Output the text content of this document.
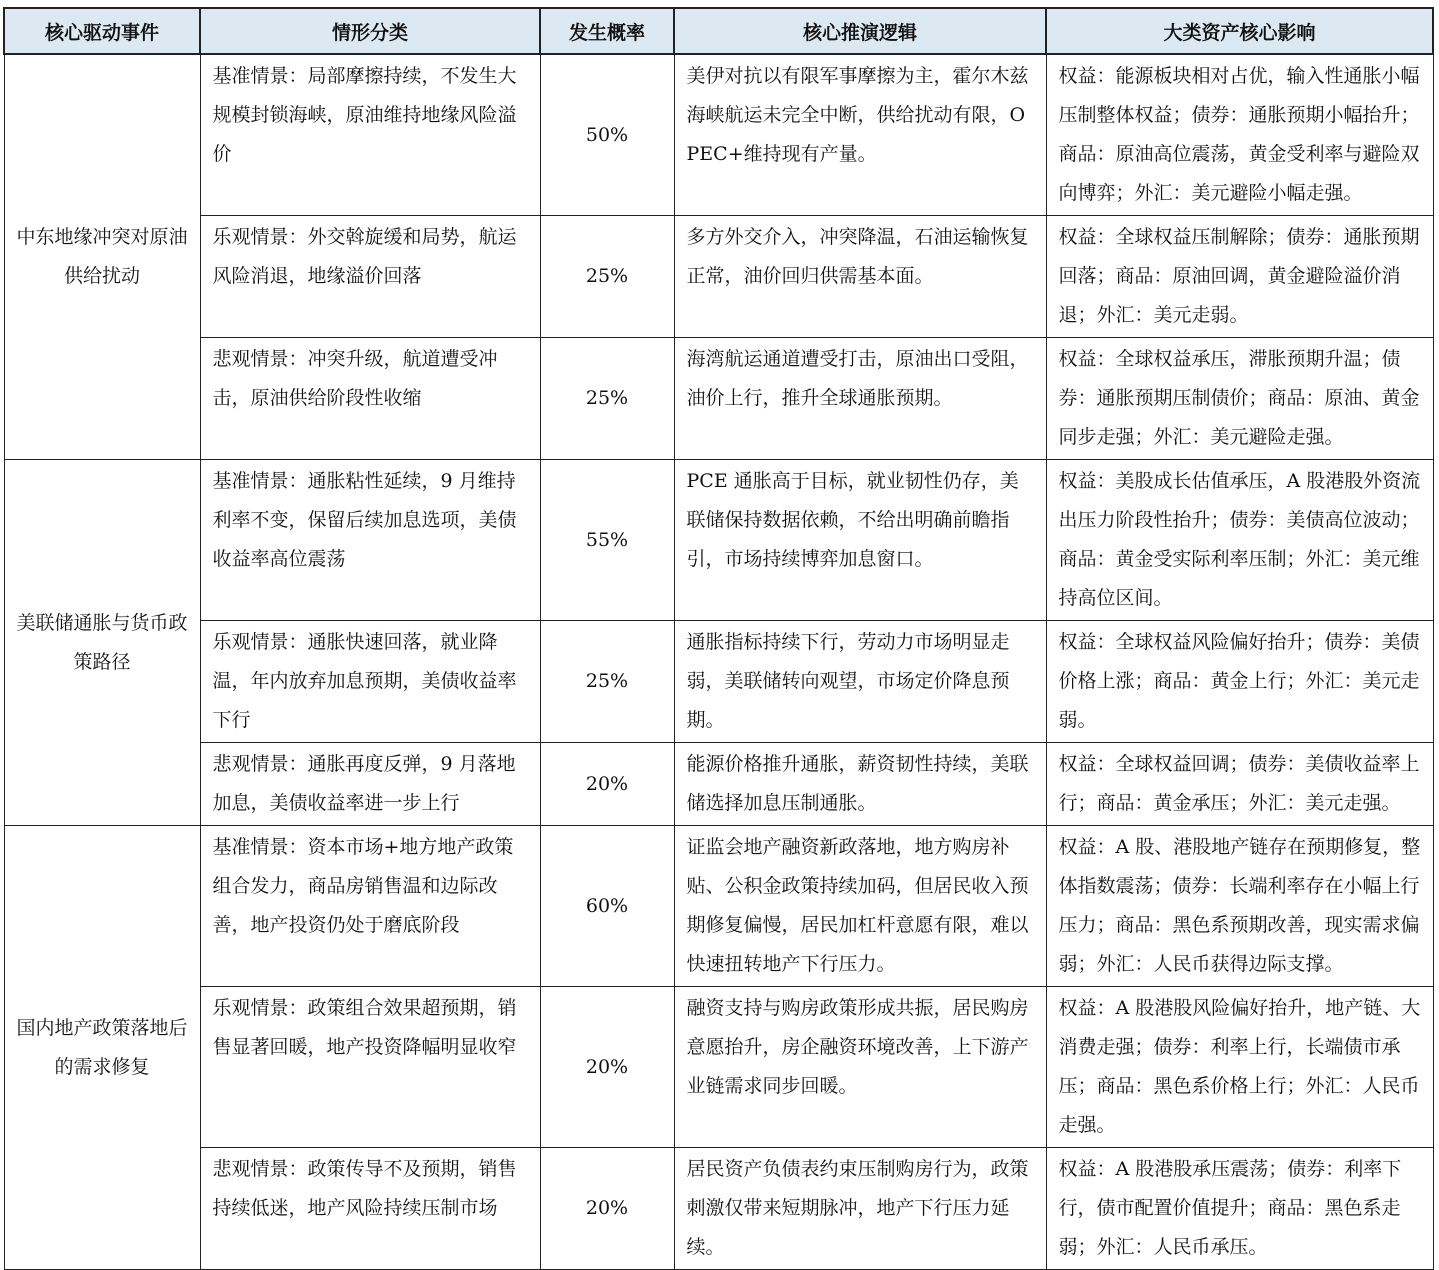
核心驱动事件	情形分类	发生概率	核心推演逻辑	大类资产核心影响
中东地缘冲突对原油供给扰动	基准情景：局部摩擦持续，不发生大规模封锁海峡，原油维持地缘风险溢价	50%	美伊对抗以有限军事摩擦为主，霍尔木兹海峡航运未完全中断，供给扰动有限，OPEC+维持现有产量。	权益：能源板块相对占优，输入性通胀小幅压制整体权益；债券：通胀预期小幅抬升；商品：原油高位震荡，黄金受利率与避险双向博弈；外汇：美元避险小幅走强。
	乐观情景：外交斡旋缓和局势，航运风险消退，地缘溢价回落	25%	多方外交介入，冲突降温，石油运输恢复正常，油价回归供需基本面。	权益：全球权益压制解除；债券：通胀预期回落；商品：原油回调，黄金避险溢价消退；外汇：美元走弱。
	悲观情景：冲突升级，航道遭受冲击，原油供给阶段性收缩	25%	海湾航运通道遭受打击，原油出口受阻，油价上行，推升全球通胀预期。	权益：全球权益承压，滞胀预期升温；债券：通胀预期压制债价；商品：原油、黄金同步走强；外汇：美元避险走强。
美联储通胀与货币政策路径	基准情景：通胀粘性延续，9 月维持利率不变，保留后续加息选项，美债收益率高位震荡	55%	PCE 通胀高于目标，就业韧性仍存，美联储保持数据依赖，不给出明确前瞻指引，市场持续博弈加息窗口。	权益：美股成长估值承压，A 股港股外资流出压力阶段性抬升；债券：美债高位波动；商品：黄金受实际利率压制；外汇：美元维持高位区间。
	乐观情景：通胀快速回落，就业降温，年内放弃加息预期，美债收益率下行	25%	通胀指标持续下行，劳动力市场明显走弱，美联储转向观望，市场定价降息预期。	权益：全球权益风险偏好抬升；债券：美债价格上涨；商品：黄金上行；外汇：美元走弱。
	悲观情景：通胀再度反弹，9 月落地加息，美债收益率进一步上行	20%	能源价格推升通胀，薪资韧性持续，美联储选择加息压制通胀。	权益：全球权益回调；债券：美债收益率上行；商品：黄金承压；外汇：美元走强。
国内地产政策落地后的需求修复	基准情景：资本市场+地方地产政策组合发力，商品房销售温和边际改善，地产投资仍处于磨底阶段	60%	证监会地产融资新政落地，地方购房补贴、公积金政策持续加码，但居民收入预期修复偏慢，居民加杠杆意愿有限，难以快速扭转地产下行压力。	权益：A 股、港股地产链存在预期修复，整体指数震荡；债券：长端利率存在小幅上行压力；商品：黑色系预期改善，现实需求偏弱；外汇：人民币获得边际支撑。
	乐观情景：政策组合效果超预期，销售显著回暖，地产投资降幅明显收窄	20%	融资支持与购房政策形成共振，居民购房意愿抬升，房企融资环境改善，上下游产业链需求同步回暖。	权益：A 股港股风险偏好抬升，地产链、大消费走强；债券：利率上行，长端债市承压；商品：黑色系价格上行；外汇：人民币走强。
	悲观情景：政策传导不及预期，销售持续低迷，地产风险持续压制市场	20%	居民资产负债表约束压制购房行为，政策刺激仅带来短期脉冲，地产下行压力延续。	权益：A 股港股承压震荡；债券：利率下行，债市配置价值提升；商品：黑色系走弱；外汇：人民币承压。
